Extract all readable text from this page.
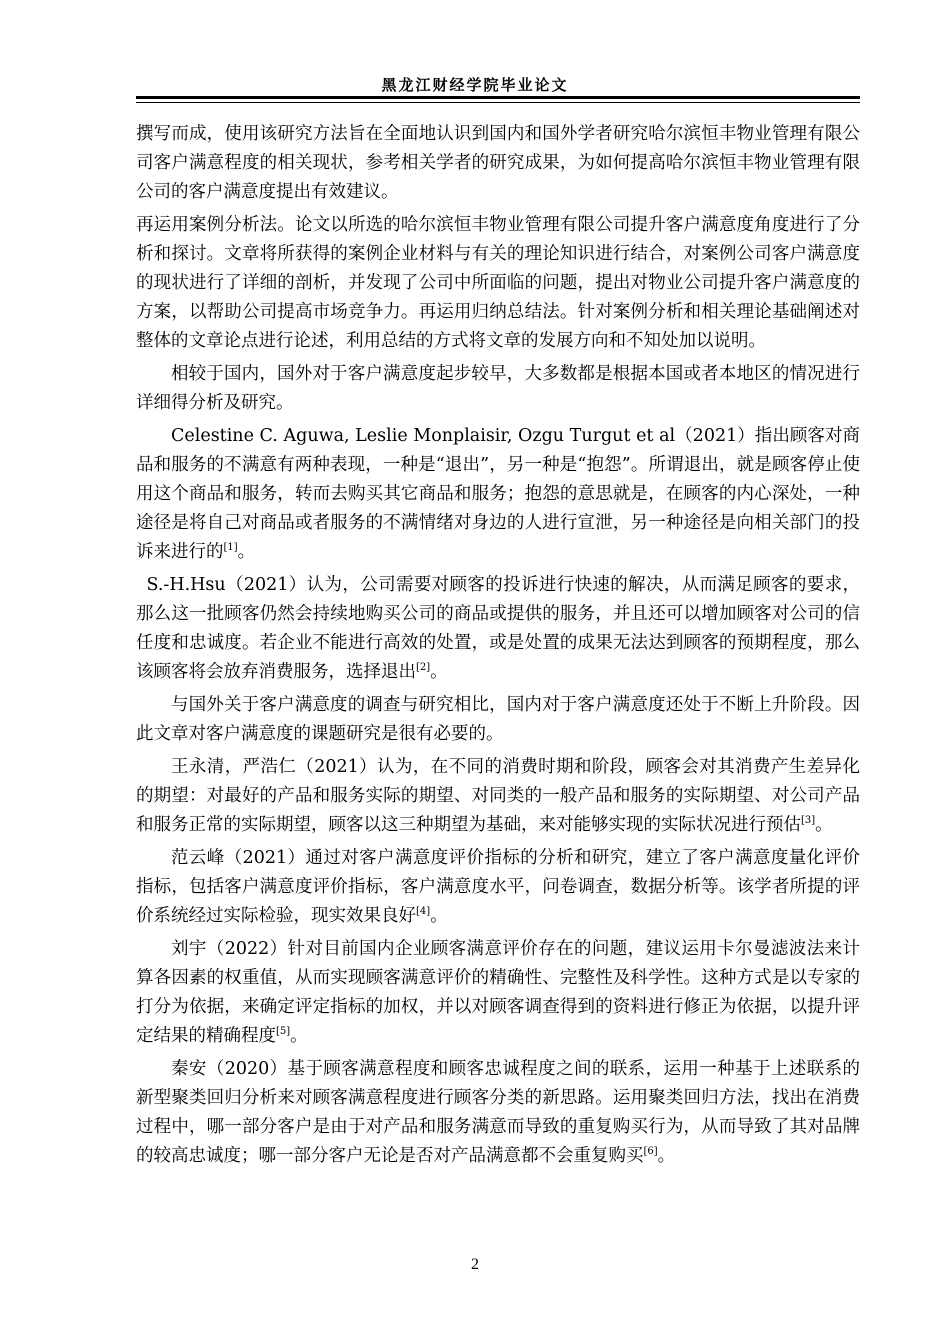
黑龙江财经学院毕业论文

撰写而成，使用该研究方法旨在全面地认识到国内和国外学者研究哈尔滨恒丰物业管理有限公司客户满意程度的相关现状，参考相关学者的研究成果，为如何提高哈尔滨恒丰物业管理有限公司的客户满意度提出有效建议。

再运用案例分析法。论文以所选的哈尔滨恒丰物业管理有限公司提升客户满意度角度进行了分析和探讨。文章将所获得的案例企业材料与有关的理论知识进行结合，对案例公司客户满意度的现状进行了详细的剖析，并发现了公司中所面临的问题，提出对物业公司提升客户满意度的方案，以帮助公司提高市场竞争力。再运用归纳总结法。针对案例分析和相关理论基础阐述对整体的文章论点进行论述，利用总结的方式将文章的发展方向和不知处加以说明。

相较于国内，国外对于客户满意度起步较早，大多数都是根据本国或者本地区的情况进行详细得分析及研究。

Celestine C. Aguwa, Leslie Monplaisir, Ozgu Turgut et al（2021）指出顾客对商品和服务的不满意有两种表现，一种是“退出”，另一种是“抱怨”。所谓退出，就是顾客停止使用这个商品和服务，转而去购买其它商品和服务；抱怨的意思就是，在顾客的内心深处，一种途径是将自己对商品或者服务的不满情绪对身边的人进行宣泄，另一种途径是向相关部门的投诉来进行的[1]。

S.-H.Hsu（2021）认为，公司需要对顾客的投诉进行快速的解决，从而满足顾客的要求，那么这一批顾客仍然会持续地购买公司的商品或提供的服务，并且还可以增加顾客对公司的信任度和忠诚度。若企业不能进行高效的处置，或是处置的成果无法达到顾客的预期程度，那么该顾客将会放弃消费服务，选择退出[2]。

与国外关于客户满意度的调查与研究相比，国内对于客户满意度还处于不断上升阶段。因此文章对客户满意度的课题研究是很有必要的。

王永清，严浩仁（2021）认为，在不同的消费时期和阶段，顾客会对其消费产生差异化的期望：对最好的产品和服务实际的期望、对同类的一般产品和服务的实际期望、对公司产品和服务正常的实际期望，顾客以这三种期望为基础，来对能够实现的实际状况进行预估[3]。

范云峰（2021）通过对客户满意度评价指标的分析和研究，建立了客户满意度量化评价指标，包括客户满意度评价指标，客户满意度水平，问卷调查，数据分析等。该学者所提的评价系统经过实际检验，现实效果良好[4]。

刘宇（2022）针对目前国内企业顾客满意评价存在的问题，建议运用卡尔曼滤波法来计算各因素的权重值，从而实现顾客满意评价的精确性、完整性及科学性。这种方式是以专家的打分为依据，来确定评定指标的加权，并以对顾客调查得到的资料进行修正为依据，以提升评定结果的精确程度[5]。

秦安（2020）基于顾客满意程度和顾客忠诚程度之间的联系，运用一种基于上述联系的新型聚类回归分析来对顾客满意程度进行顾客分类的新思路。运用聚类回归方法，找出在消费过程中，哪一部分客户是由于对产品和服务满意而导致的重复购买行为，从而导致了其对品牌的较高忠诚度；哪一部分客户无论是否对产品满意都不会重复购买[6]。

2
